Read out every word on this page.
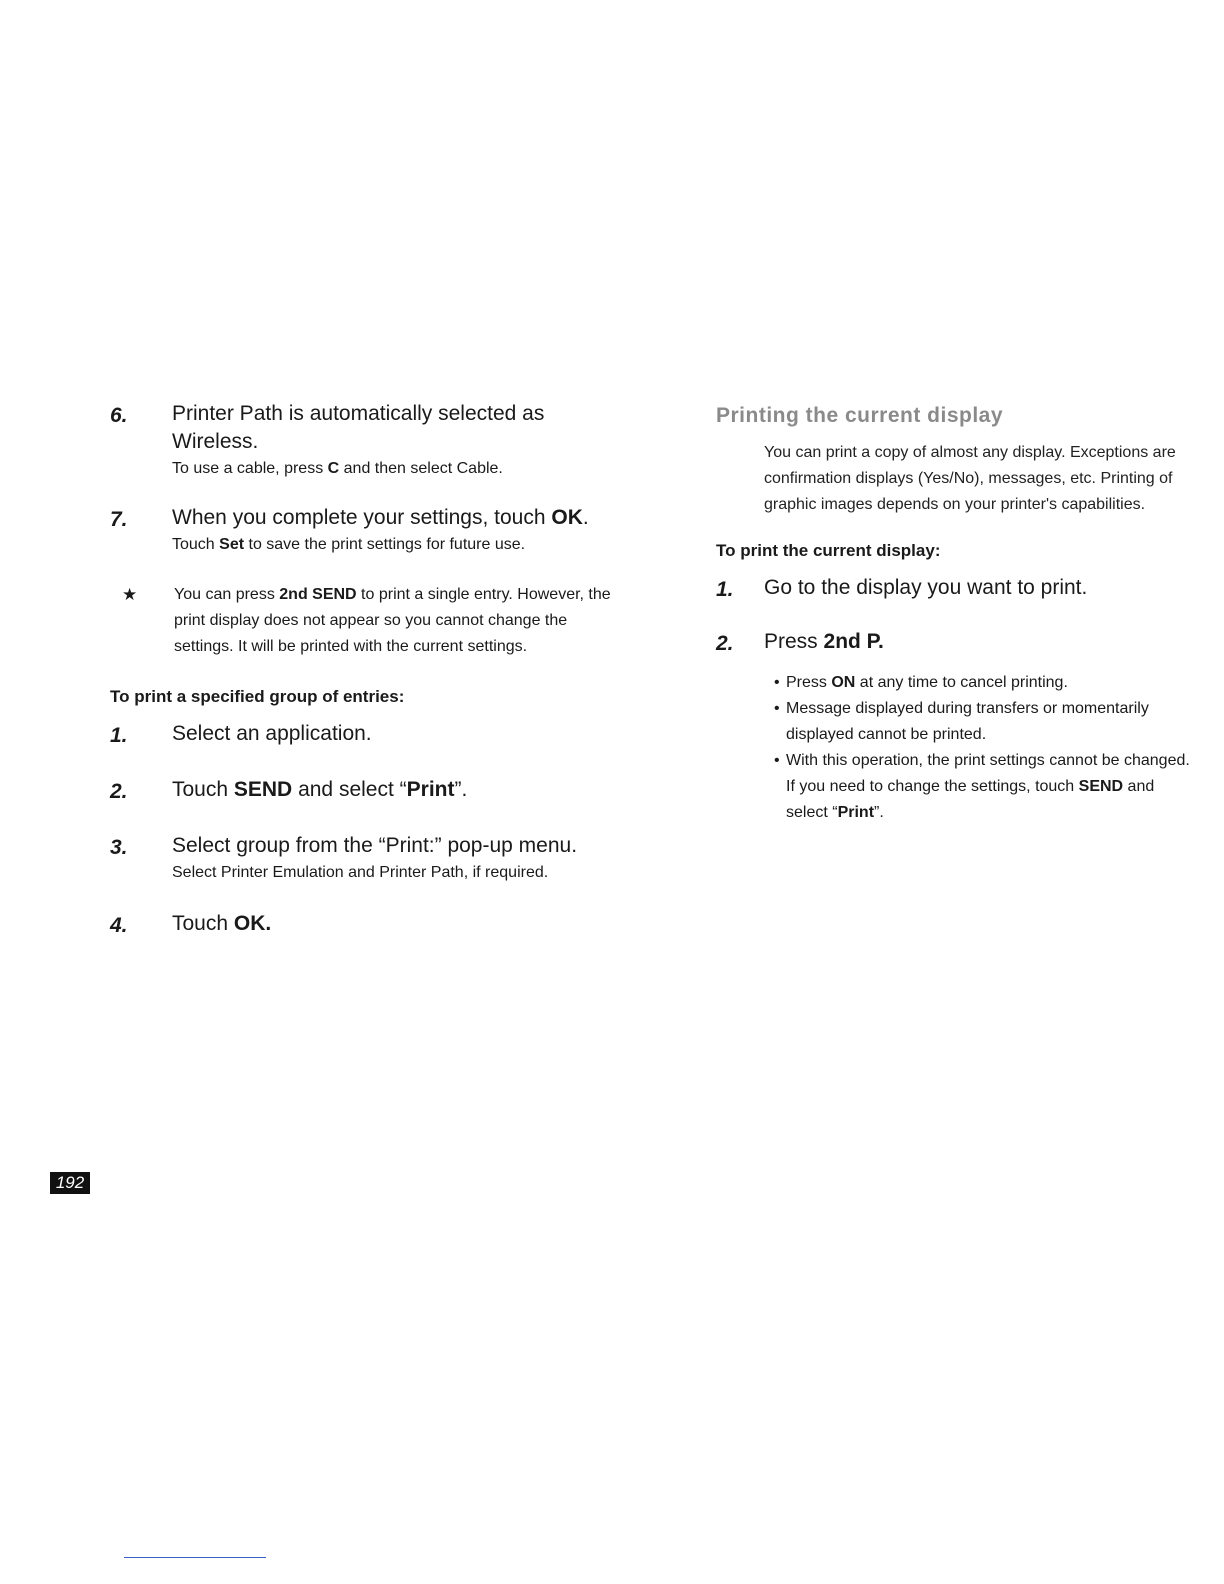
6. Printer Path is automatically selected as Wireless.
To use a cable, press C and then select Cable.
7. When you complete your settings, touch OK.
Touch Set to save the print settings for future use.
★ You can press 2nd SEND to print a single entry. However, the print display does not appear so you cannot change the settings. It will be printed with the current settings.
To print a specified group of entries:
1. Select an application.
2. Touch SEND and select “Print”.
3. Select group from the “Print:” pop-up menu.
Select Printer Emulation and Printer Path, if required.
4. Touch OK.
Printing the current display
You can print a copy of almost any display. Exceptions are confirmation displays (Yes/No), messages, etc. Printing of graphic images depends on your printer's capabilities.
To print the current display:
1. Go to the display you want to print.
2. Press 2nd P.
• Press ON at any time to cancel printing.
• Message displayed during transfers or momentarily displayed cannot be printed.
• With this operation, the print settings cannot be changed. If you need to change the settings, touch SEND and select “Print”.
192
